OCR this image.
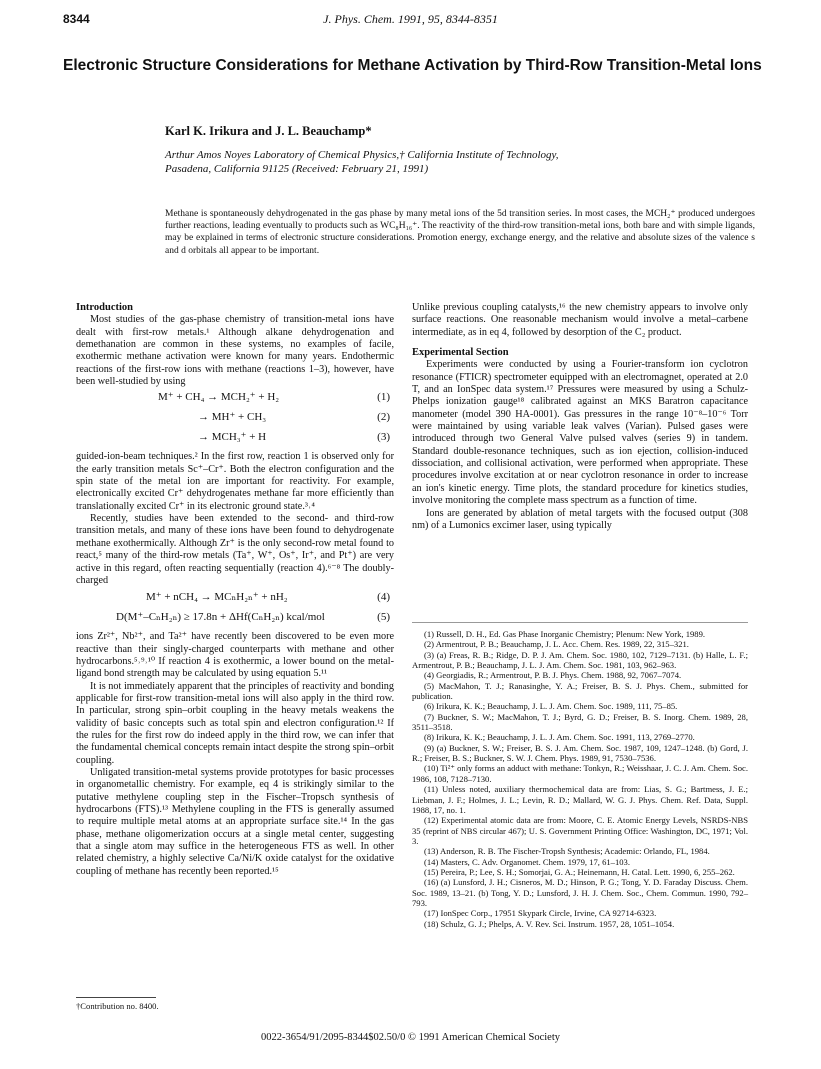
8344	J. Phys. Chem. 1991, 95, 8344-8351
Electronic Structure Considerations for Methane Activation by Third-Row Transition-Metal Ions
Karl K. Irikura and J. L. Beauchamp*
Arthur Amos Noyes Laboratory of Chemical Physics,† California Institute of Technology,
Pasadena, California 91125 (Received: February 21, 1991)
Methane is spontaneously dehydrogenated in the gas phase by many metal ions of the 5d transition series. In most cases, the MCH₂⁺ produced undergoes further reactions, leading eventually to products such as WC₈H₁₆⁺. The reactivity of the third-row transition-metal ions, both bare and with simple ligands, may be explained in terms of electronic structure considerations. Promotion energy, exchange energy, and the relative and absolute sizes of the valence s and d orbitals all appear to be important.
Introduction

Most studies of the gas-phase chemistry of transition-metal ions have dealt with first-row metals.¹ Although alkane dehydrogenation and demethanation are common in these systems, no examples of facile, exothermic methane activation were known for many years. Endothermic reactions of the first-row ions with methane (reactions 1–3), however, have been well-studied by using

M⁺ + CH₄ → MCH₂⁺ + H₂	(1)
→ MH⁺ + CH₃	(2)
→ MCH₃⁺ + H	(3)

guided-ion-beam techniques.² In the first row, reaction 1 is observed only for the early transition metals Sc⁺–Cr⁺. Both the electron configuration and the spin state of the metal ion are important for reactivity. For example, electronically excited Cr⁺ dehydrogenates methane far more efficiently than translationally excited Cr⁺ in its electronic ground state.³˒⁴

Recently, studies have been extended to the second- and third-row transition metals, and many of these ions have been found to dehydrogenate methane exothermically. Although Zr⁺ is the only second-row metal found to react,⁵ many of the third-row metals (Ta⁺, W⁺, Os⁺, Ir⁺, and Pt⁺) are very active in this regard, often reacting sequentially (reaction 4).⁶⁻⁸ The doubly-charged

M⁺ + nCH₄ → MCₙH₂ₙ⁺ + nH₂	(4)
D(M⁺–CₙH₂ₙ) ≥ 17.8n + ΔHf(CₙH₂ₙ) kcal/mol	(5)

ions Zr²⁺, Nb²⁺, and Ta²⁺ have recently been discovered to be even more reactive than their singly-charged counterparts with methane and other hydrocarbons.⁵˒⁹˒¹⁰ If reaction 4 is exothermic, a lower bound on the metal-ligand bond strength may be calculated by using equation 5.¹¹

It is not immediately apparent that the principles of reactivity and bonding applicable for first-row transition-metal ions will also apply in the third row. In particular, strong spin–orbit coupling in the heavy metals weakens the validity of basic concepts such as total spin and electron configuration.¹² If the rules for the first row do indeed apply in the third row, we can infer that the fundamental chemical concepts remain intact despite the strong spin–orbit coupling.

Unligated transition-metal systems provide prototypes for basic processes in organometallic chemistry. For example, eq 4 is strikingly similar to the putative methylene coupling step in the Fischer–Tropsch synthesis of hydrocarbons (FTS).¹³ Methylene coupling in the FTS is generally assumed to require multiple metal atoms at an appropriate surface site.¹⁴ In the gas phase, methane oligomerization occurs at a single metal center, suggesting that a single atom may suffice in the heterogeneous FTS as well. In other related chemistry, a highly selective Ca/Ni/K oxide catalyst for the oxidative coupling of methane has recently been reported.¹⁵

†Contribution no. 8400.

Unlike previous coupling catalysts,¹⁶ the new chemistry appears to involve only surface reactions. One reasonable mechanism would involve a metal–carbene intermediate, as in eq 4, followed by desorption of the C₂ product.

Experimental Section

Experiments were conducted by using a Fourier-transform ion cyclotron resonance (FTICR) spectrometer equipped with an electromagnet, operated at 2.0 T, and an IonSpec data system.¹⁷ Pressures were measured by using a Schulz-Phelps ionization gauge¹⁸ calibrated against an MKS Baratron capacitance manometer (model 390 HA-0001). Gas pressures in the range 10⁻⁸–10⁻⁶ Torr were maintained by using variable leak valves (Varian). Pulsed gases were introduced through two General Valve pulsed valves (series 9) in tandem. Standard double-resonance techniques, such as ion ejection, collision-induced dissociation, and collisional activation, were performed when appropriate. These procedures involve excitation at or near cyclotron resonance in order to increase an ion's kinetic energy. Time plots, the standard procedure for kinetics studies, involve monitoring the complete mass spectrum as a function of time.

Ions are generated by ablation of metal targets with the focused output (308 nm) of a Lumonics excimer laser, using typically

(1) Russell, D. H., Ed. Gas Phase Inorganic Chemistry; Plenum: New York, 1989.
(2) Armentrout, P. B.; Beauchamp, J. L. Acc. Chem. Res. 1989, 22, 315–321.
(3) (a) Freas, R. B.; Ridge, D. P. J. Am. Chem. Soc. 1980, 102, 7129–7131. (b) Halle, L. F.; Armentrout, P. B.; Beauchamp, J. L. J. Am. Chem. Soc. 1981, 103, 962–963.
(4) Georgiadis, R.; Armentrout, P. B. J. Phys. Chem. 1988, 92, 7067–7074.
(5) MacMahon, T. J.; Ranasinghe, Y. A.; Freiser, B. S. J. Phys. Chem., submitted for publication.
(6) Irikura, K. K.; Beauchamp, J. L. J. Am. Chem. Soc. 1989, 111, 75–85.
(7) Buckner, S. W.; MacMahon, T. J.; Byrd, G. D.; Freiser, B. S. Inorg. Chem. 1989, 28, 3511–3518.
(8) Irikura, K. K.; Beauchamp, J. L. J. Am. Chem. Soc. 1991, 113, 2769–2770.
(9) (a) Buckner, S. W.; Freiser, B. S. J. Am. Chem. Soc. 1987, 109, 1247–1248. (b) Gord, J. R.; Freiser, B. S.; Buckner, S. W. J. Chem. Phys. 1989, 91, 7530–7536.
(10) Ti²⁺ only forms an adduct with methane: Tonkyn, R.; Weisshaar, J. C. J. Am. Chem. Soc. 1986, 108, 7128–7130.
(11) Unless noted, auxiliary thermochemical data are from: Lias, S. G.; Bartmess, J. E.; Liebman, J. F.; Holmes, J. L.; Levin, R. D.; Mallard, W. G. J. Phys. Chem. Ref. Data, Suppl. 1988, 17, no. 1.
(12) Experimental atomic data are from: Moore, C. E. Atomic Energy Levels, NSRDS-NBS 35 (reprint of NBS circular 467); U. S. Government Printing Office: Washington, DC, 1971; Vol. 3.
(13) Anderson, R. B. The Fischer-Tropsh Synthesis; Academic: Orlando, FL, 1984.
(14) Masters, C. Adv. Organomet. Chem. 1979, 17, 61–103.
(15) Pereira, P.; Lee, S. H.; Somorjai, G. A.; Heinemann, H. Catal. Lett. 1990, 6, 255–262.
(16) (a) Lunsford, J. H.; Cisneros, M. D.; Hinson, P. G.; Tong, Y. D. Faraday Discuss. Chem. Soc. 1989, 13–21. (b) Tong, Y. D.; Lunsford, J. H. J. Chem. Soc., Chem. Commun. 1990, 792–793.
(17) IonSpec Corp., 17951 Skypark Circle, Irvine, CA 92714-6323.
(18) Schulz, G. J.; Phelps, A. V. Rev. Sci. Instrum. 1957, 28, 1051–1054.
0022-3654/91/2095-8344$02.50/0 © 1991 American Chemical Society
